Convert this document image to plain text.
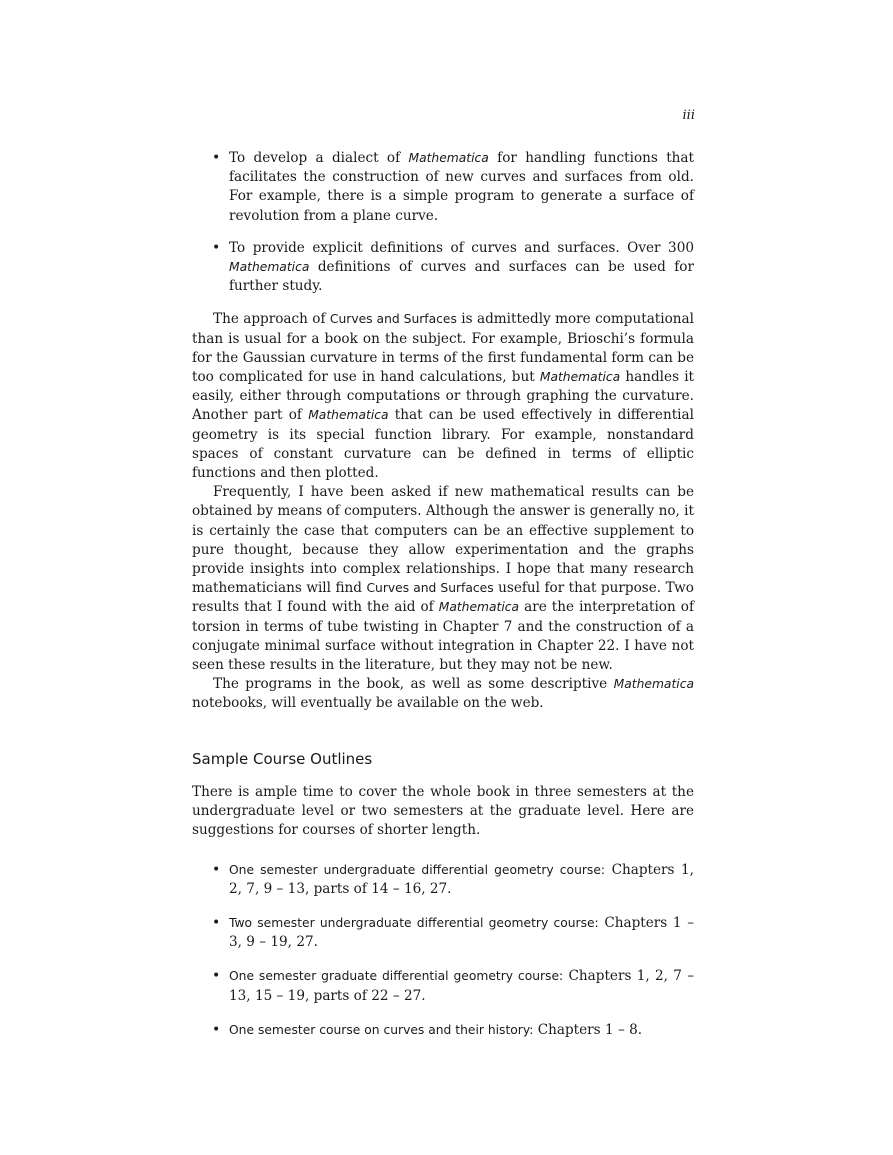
iii
• To develop a dialect of Mathematica for handling functions that facilitates the construction of new curves and surfaces from old. For example, there is a simple program to generate a surface of revolution from a plane curve.
• To provide explicit definitions of curves and surfaces. Over 300 Mathematica definitions of curves and surfaces can be used for further study.

The approach of Curves and Surfaces is admittedly more computational than is usual for a book on the subject. For example, Brioschi’s formula for the Gaussian curvature in terms of the first fundamental form can be too complicated for use in hand calculations, but Mathematica handles it easily, either through computations or through graphing the curvature. Another part of Mathematica that can be used effectively in differential geometry is its special function library. For example, nonstandard spaces of constant curvature can be defined in terms of elliptic functions and then plotted.

Frequently, I have been asked if new mathematical results can be obtained by means of computers. Although the answer is generally no, it is certainly the case that computers can be an effective supplement to pure thought, because they allow experimentation and the graphs provide insights into complex relationships. I hope that many research mathematicians will find Curves and Surfaces useful for that purpose. Two results that I found with the aid of Mathematica are the interpretation of torsion in terms of tube twisting in Chapter 7 and the construction of a conjugate minimal surface without integration in Chapter 22. I have not seen these results in the literature, but they may not be new.

The programs in the book, as well as some descriptive Mathematica notebooks, will eventually be available on the web.

Sample Course Outlines

There is ample time to cover the whole book in three semesters at the undergraduate level or two semesters at the graduate level. Here are suggestions for courses of shorter length.

• One semester undergraduate differential geometry course: Chapters 1, 2, 7, 9 – 13, parts of 14 – 16, 27.
• Two semester undergraduate differential geometry course: Chapters 1 – 3, 9 – 19, 27.
• One semester graduate differential geometry course: Chapters 1, 2, 7 – 13, 15 – 19, parts of 22 – 27.
• One semester course on curves and their history: Chapters 1 – 8.
